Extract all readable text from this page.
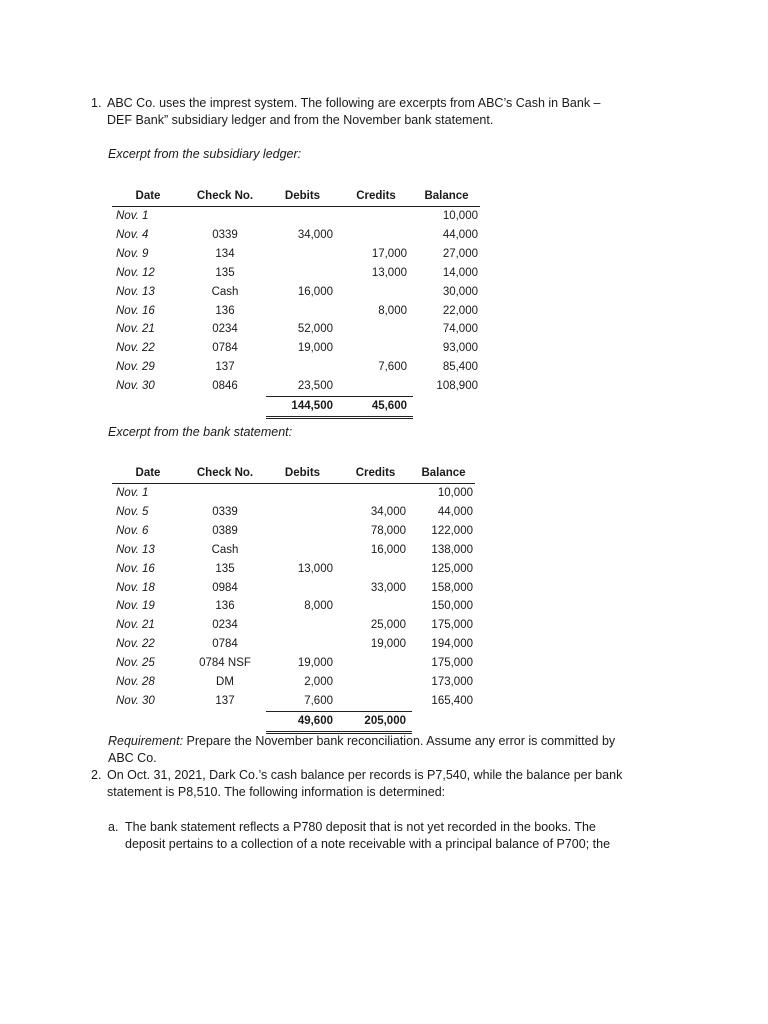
1. ABC Co. uses the imprest system. The following are excerpts from ABC’s Cash in Bank –
DEF Bank” subsidiary ledger and from the November bank statement.
Excerpt from the subsidiary ledger:
Date	Check No.	Debits	Credits	Balance
Nov. 1				10,000
Nov. 4	0339	34,000		44,000
Nov. 9	134		17,000	27,000
Nov. 12	135		13,000	14,000
Nov. 13	Cash	16,000		30,000
Nov. 16	136		8,000	22,000
Nov. 21	0234	52,000		74,000
Nov. 22	0784	19,000		93,000
Nov. 29	137		7,600	85,400
Nov. 30	0846	23,500		108,900
		144,500	45,600	
Excerpt from the bank statement:
Date	Check No.	Debits	Credits	Balance
Nov. 1				10,000
Nov. 5	0339		34,000	44,000
Nov. 6	0389		78,000	122,000
Nov. 13	Cash		16,000	138,000
Nov. 16	135	13,000		125,000
Nov. 18	0984		33,000	158,000
Nov. 19	136	8,000		150,000
Nov. 21	0234		25,000	175,000
Nov. 22	0784		19,000	194,000
Nov. 25	0784 NSF	19,000		175,000
Nov. 28	DM	2,000		173,000
Nov. 30	137	7,600		165,400
		49,600	205,000	
Requirement: Prepare the November bank reconciliation. Assume any error is committed by
ABC Co.
2. On Oct. 31, 2021, Dark Co.’s cash balance per records is P7,540, while the balance per bank
statement is P8,510. The following information is determined:
a. The bank statement reflects a P780 deposit that is not yet recorded in the books. The
deposit pertains to a collection of a note receivable with a principal balance of P700; the
